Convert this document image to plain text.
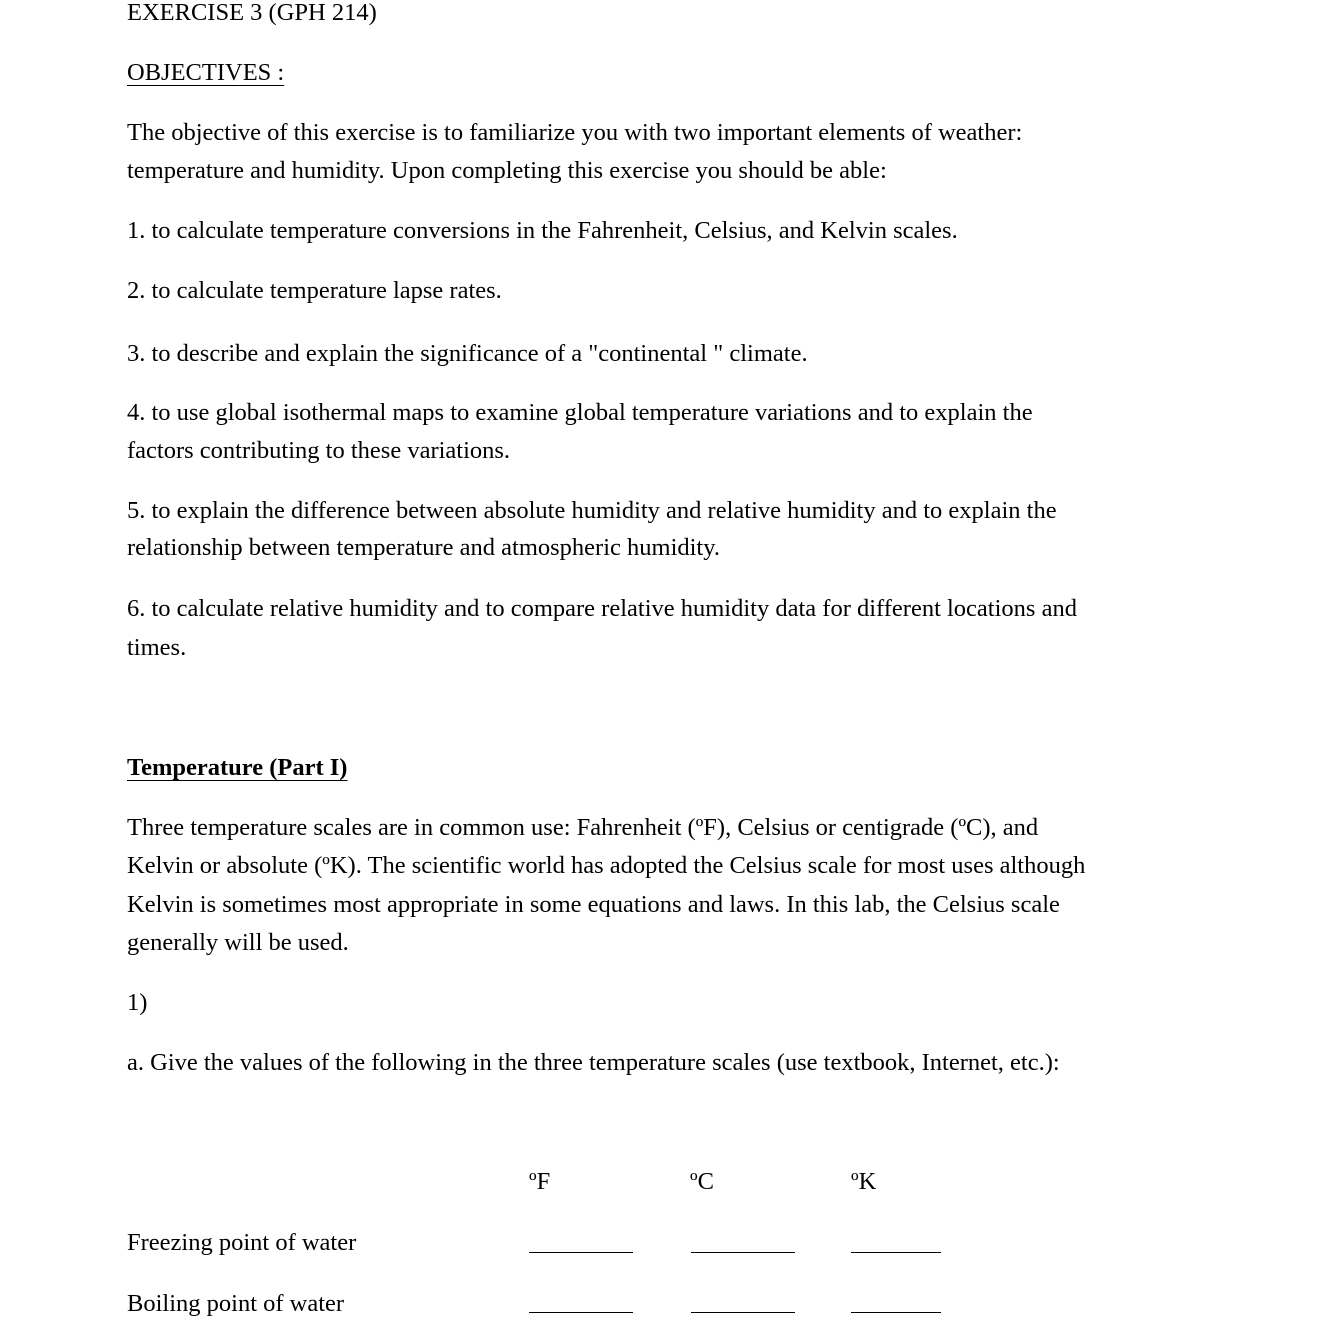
EXERCISE 3 (GPH 214)

OBJECTIVES :

The objective of this exercise is to familiarize you with two important elements of weather:

temperature and humidity. Upon completing this exercise you should be able:

1. to calculate temperature conversions in the Fahrenheit, Celsius, and Kelvin scales.

2. to calculate temperature lapse rates.

3. to describe and explain the significance of a "continental " climate.

4. to use global isothermal maps to examine global temperature variations and to explain the

factors contributing to these variations.

5. to explain the difference between absolute humidity and relative humidity and to explain the

relationship between temperature and atmospheric humidity.

6. to calculate relative humidity and to compare relative humidity data for different locations and

times.

Temperature (Part I)

Three temperature scales are in common use: Fahrenheit (ºF), Celsius or centigrade (ºC), and

Kelvin or absolute (ºK). The scientific world has adopted the Celsius scale for most uses although

Kelvin is sometimes most appropriate in some equations and laws. In this lab, the Celsius scale

generally will be used.

1)

a. Give the values of the following in the three temperature scales (use textbook, Internet, etc.):

ºF	ºC	ºK

Freezing point of water

Boiling point of water
